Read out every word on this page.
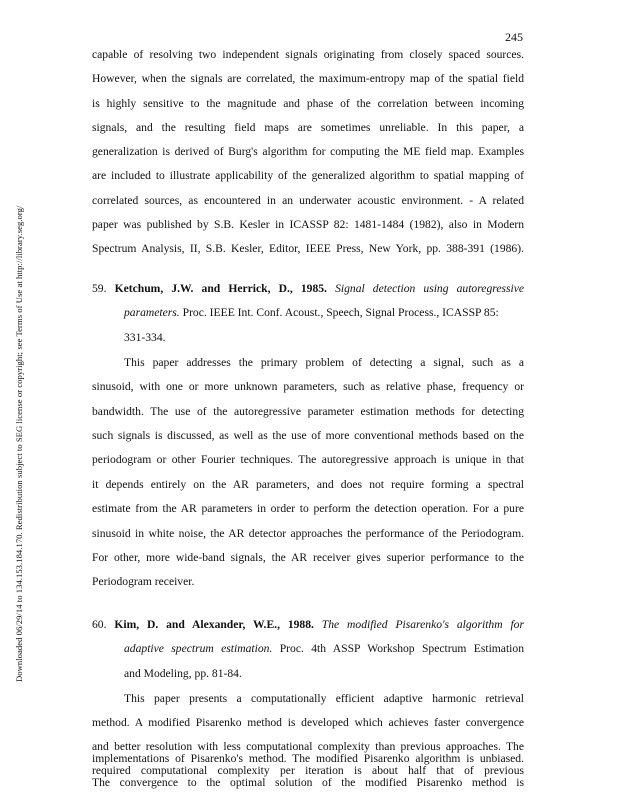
245
Downloaded 06/29/14 to 134.153.184.170. Redistribution subject to SEG license or copyright; see Terms of Use at http://library.seg.org/
capable of resolving two independent signals originating from closely spaced sources.
However, when the signals are correlated, the maximum-entropy map of the spatial field
is highly sensitive to the magnitude and phase of the correlation between incoming
signals, and the resulting field maps are sometimes unreliable. In this paper, a
generalization is derived of Burg's algorithm for computing the ME field map. Examples
are included to illustrate applicability of the generalized algorithm to spatial mapping of
correlated sources, as encountered in an underwater acoustic environment. - A related
paper was published by S.B. Kesler in ICASSP 82: 1481-1484 (1982), also in Modern
Spectrum Analysis, II, S.B. Kesler, Editor, IEEE Press, New York, pp. 388-391 (1986).
59. Ketchum, J.W. and Herrick, D., 1985. Signal detection using autoregressive
parameters. Proc. IEEE Int. Conf. Acoust., Speech, Signal Process., ICASSP 85:
331-334.
This paper addresses the primary problem of detecting a signal, such as a
sinusoid, with one or more unknown parameters, such as relative phase, frequency or
bandwidth. The use of the autoregressive parameter estimation methods for detecting
such signals is discussed, as well as the use of more conventional methods based on the
periodogram or other Fourier techniques. The autoregressive approach is unique in that
it depends entirely on the AR parameters, and does not require forming a spectral
estimate from the AR parameters in order to perform the detection operation. For a pure
sinusoid in white noise, the AR detector approaches the performance of the Periodogram.
For other, more wide-band signals, the AR receiver gives superior performance to the
Periodogram receiver.
60. Kim, D. and Alexander, W.E., 1988. The modified Pisarenko's algorithm for
adaptive spectrum estimation. Proc. 4th ASSP Workshop Spectrum Estimation
and Modeling, pp. 81-84.
This paper presents a computationally efficient adaptive harmonic retrieval
method. A modified Pisarenko method is developed which achieves faster convergence
and better resolution with less computational complexity than previous approaches. The
required computational complexity per iteration is about half that of previous
implementations of Pisarenko's method. The modified Pisarenko algorithm is unbiased.
The convergence to the optimal solution of the modified Pisarenko method is
